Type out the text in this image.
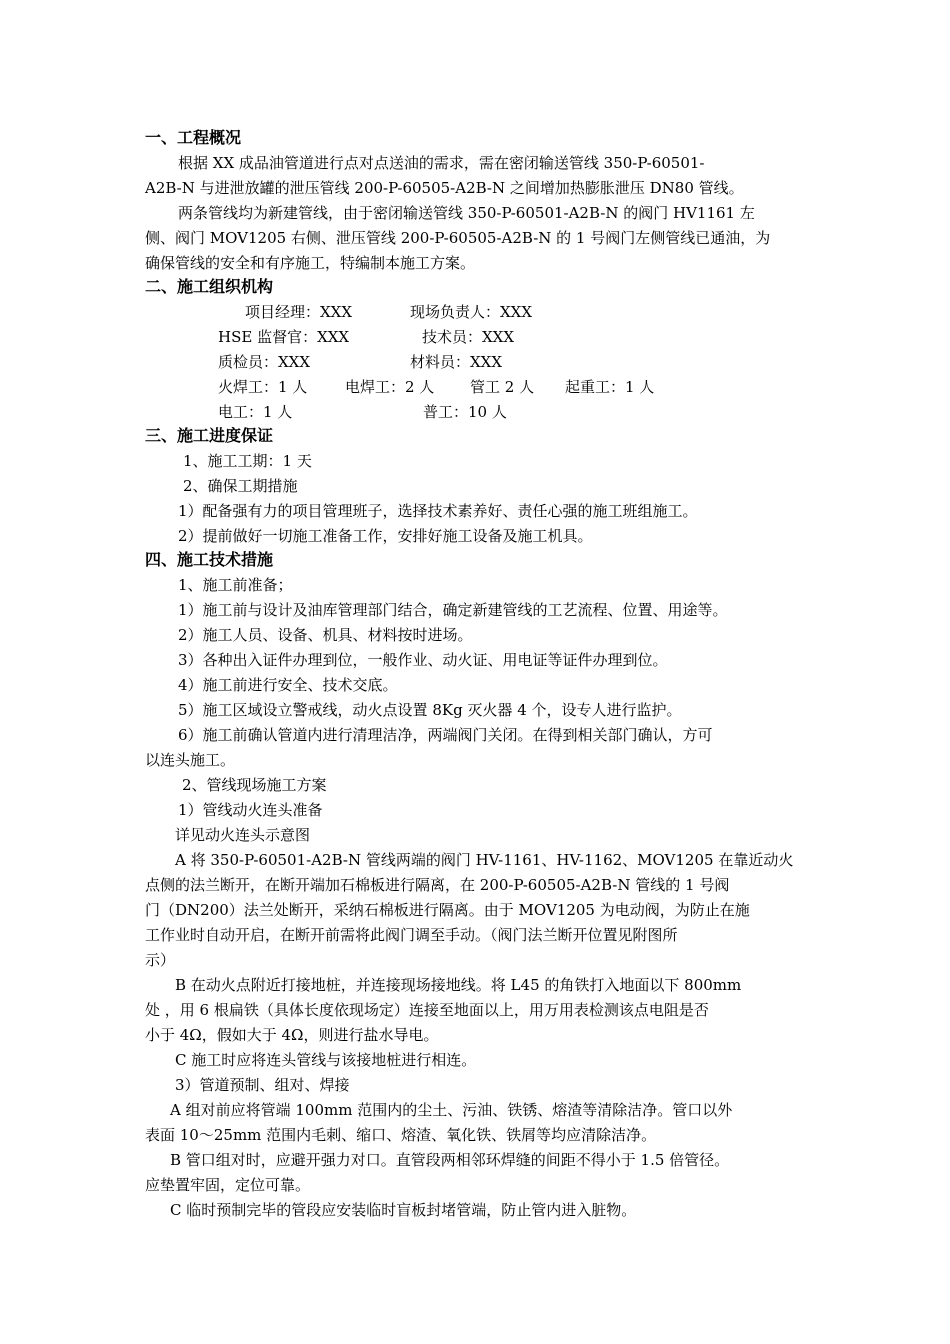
一、工程概况
根据 XX 成品油管道进行点对点送油的需求，需在密闭输送管线 350-P-60501-
A2B-N 与进泄放罐的泄压管线 200-P-60505-A2B-N 之间增加热膨胀泄压 DN80 管线。
两条管线均为新建管线，由于密闭输送管线 350-P-60501-A2B-N 的阀门 HV1161 左
侧、阀门 MOV1205 右侧、泄压管线 200-P-60505-A2B-N 的 1 号阀门左侧管线已通油，为
确保管线的安全和有序施工，特编制本施工方案。
二、施工组织机构
项目经理：XXX	现场负责人：XXX
HSE 监督官：XXX	技术员：XXX
质检员：XXX	材料员：XXX
火焊工：1 人	电焊工：2 人 管工 2 人 起重工：1 人
电工：1 人	普工：10 人
三、施工进度保证
1、施工工期：1 天
2、确保工期措施
1）配备强有力的项目管理班子，选择技术素养好、责任心强的施工班组施工。
2）提前做好一切施工准备工作，安排好施工设备及施工机具。
四、施工技术措施
1、施工前准备；
1）施工前与设计及油库管理部门结合，确定新建管线的工艺流程、位置、用途等。
2）施工人员、设备、机具、材料按时进场。
3）各种出入证件办理到位，一般作业、动火证、用电证等证件办理到位。
4）施工前进行安全、技术交底。
5）施工区域设立警戒线，动火点设置 8Kg 灭火器 4 个，设专人进行监护。
6）施工前确认管道内进行清理洁净，两端阀门关闭。在得到相关部门确认，方可
以连头施工。
2、管线现场施工方案
1）管线动火连头准备
详见动火连头示意图
A 将 350-P-60501-A2B-N 管线两端的阀门 HV-1161、HV-1162、MOV1205 在靠近动火
点侧的法兰断开，在断开端加石棉板进行隔离，在 200-P-60505-A2B-N 管线的 1 号阀
门（DN200）法兰处断开，采纳石棉板进行隔离。由于 MOV1205 为电动阀，为防止在施
工作业时自动开启，在断开前需将此阀门调至手动。（阀门法兰断开位置见附图所
示）
B 在动火点附近打接地桩，并连接现场接地线。将 L45 的角铁打入地面以下 800mm
处 ，用 6 根扁铁（具体长度依现场定）连接至地面以上，用万用表检测该点电阻是否
小于 4Ω，假如大于 4Ω，则进行盐水导电。
C 施工时应将连头管线与该接地桩进行相连。
3）管道预制、组对、焊接
A 组对前应将管端 100mm 范围内的尘土、污油、铁锈、熔渣等清除洁净。管口以外
表面 10～25mm 范围内毛刺、缩口、熔渣、氧化铁、铁屑等均应清除洁净。
B 管口组对时，应避开强力对口。直管段两相邻环焊缝的间距不得小于 1.5 倍管径。
应垫置牢固，定位可靠。
C 临时预制完毕的管段应安装临时盲板封堵管端，防止管内进入脏物。
